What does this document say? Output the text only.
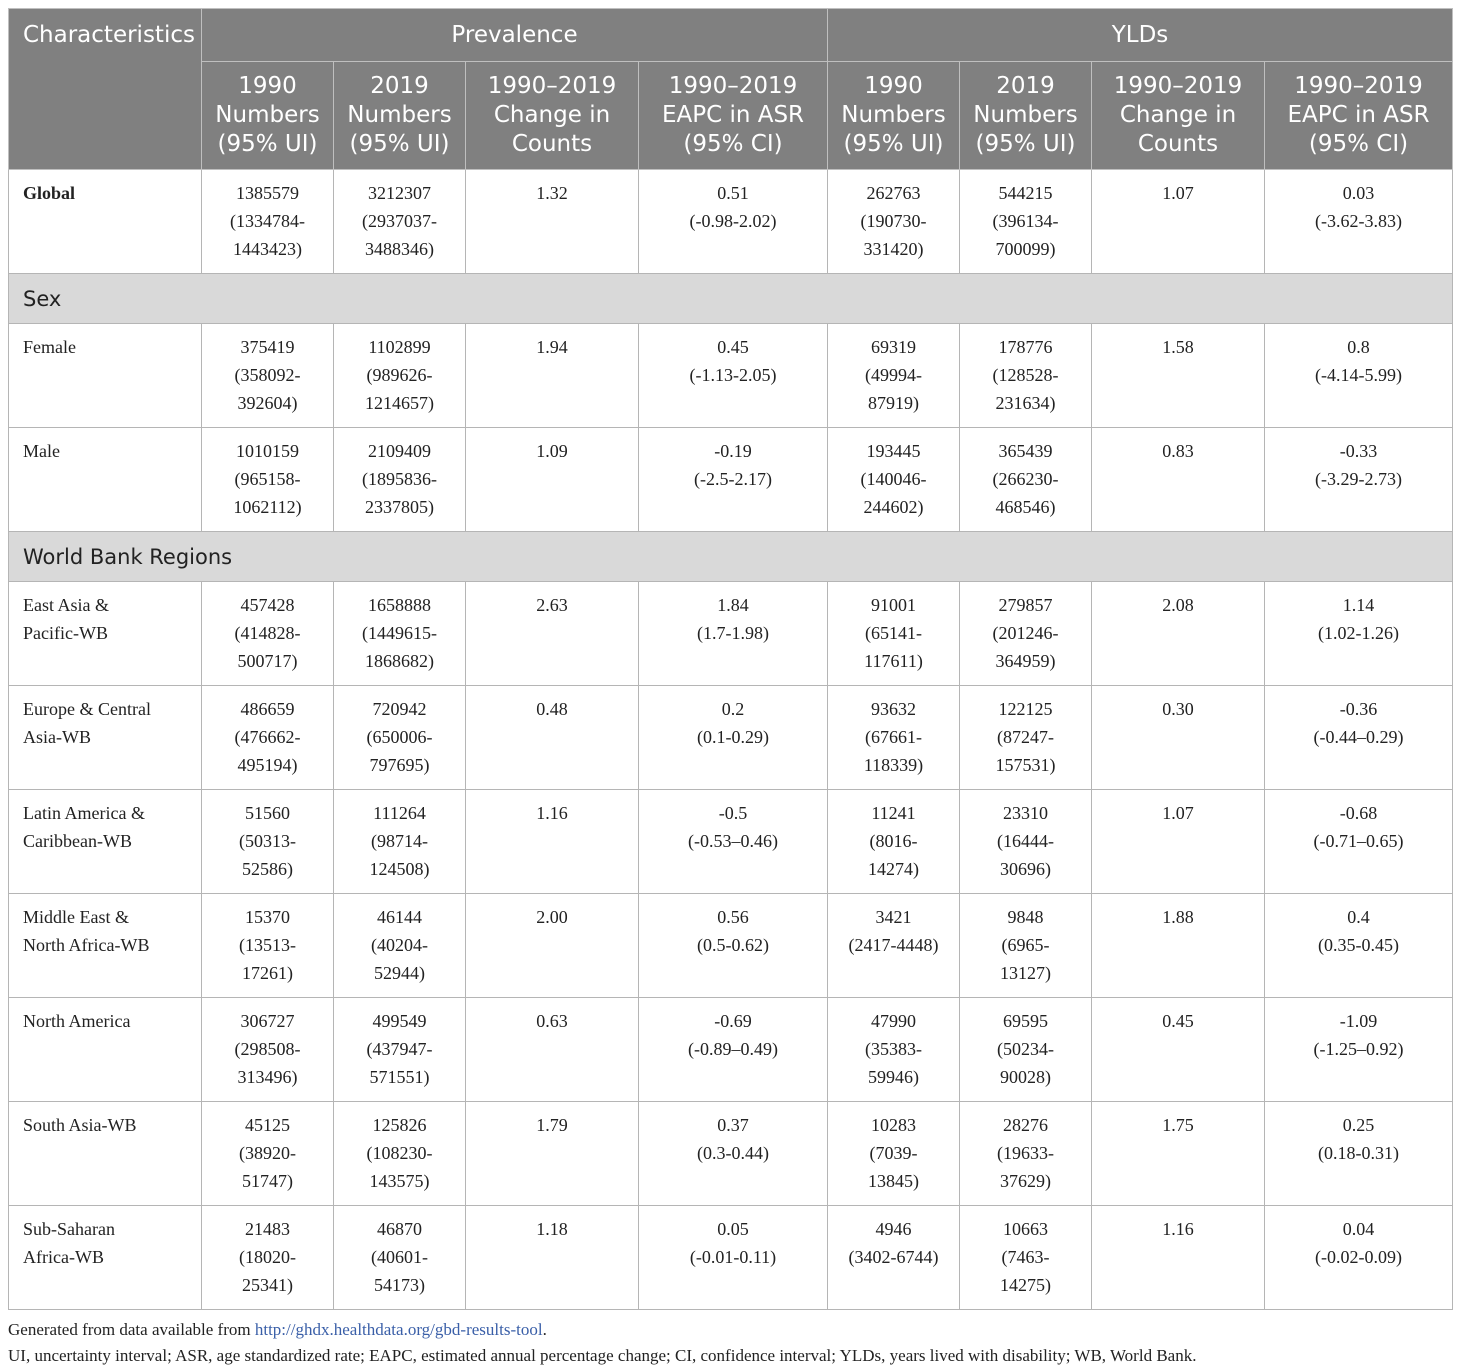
Characteristics	Prevalence				YLDs			
	1990
Numbers
(95% UI)	2019
Numbers
(95% UI)	1990–2019
Change in
Counts	1990–2019
EAPC in ASR
(95% CI)	1990
Numbers
(95% UI)	2019
Numbers
(95% UI)	1990–2019
Change in
Counts	1990–2019
EAPC in ASR
(95% CI)
Global	1385579
(1334784-
1443423)	3212307
(2937037-
3488346)	1.32	0.51
(-0.98-2.02)	262763
(190730-
331420)	544215
(396134-
700099)	1.07	0.03
(-3.62-3.83)
Sex								
Female	375419
(358092-
392604)	1102899
(989626-
1214657)	1.94	0.45
(-1.13-2.05)	69319
(49994-
87919)	178776
(128528-
231634)	1.58	0.8
(-4.14-5.99)
Male	1010159
(965158-
1062112)	2109409
(1895836-
2337805)	1.09	-0.19
(-2.5-2.17)	193445
(140046-
244602)	365439
(266230-
468546)	0.83	-0.33
(-3.29-2.73)
World Bank Regions								
East Asia &
Pacific-WB	457428
(414828-
500717)	1658888
(1449615-
1868682)	2.63	1.84
(1.7-1.98)	91001
(65141-
117611)	279857
(201246-
364959)	2.08	1.14
(1.02-1.26)
Europe & Central
Asia-WB	486659
(476662-
495194)	720942
(650006-
797695)	0.48	0.2
(0.1-0.29)	93632
(67661-
118339)	122125
(87247-
157531)	0.30	-0.36
(-0.44–0.29)
Latin America &
Caribbean-WB	51560
(50313-
52586)	111264
(98714-
124508)	1.16	-0.5
(-0.53–0.46)	11241
(8016-
14274)	23310
(16444-
30696)	1.07	-0.68
(-0.71–0.65)
Middle East &
North Africa-WB	15370
(13513-
17261)	46144
(40204-
52944)	2.00	0.56
(0.5-0.62)	3421
(2417-4448)	9848
(6965-
13127)	1.88	0.4
(0.35-0.45)
North America	306727
(298508-
313496)	499549
(437947-
571551)	0.63	-0.69
(-0.89–0.49)	47990
(35383-
59946)	69595
(50234-
90028)	0.45	-1.09
(-1.25–0.92)
South Asia-WB	45125
(38920-
51747)	125826
(108230-
143575)	1.79	0.37
(0.3-0.44)	10283
(7039-
13845)	28276
(19633-
37629)	1.75	0.25
(0.18-0.31)
Sub-Saharan
Africa-WB	21483
(18020-
25341)	46870
(40601-
54173)	1.18	0.05
(-0.01-0.11)	4946
(3402-6744)	10663
(7463-
14275)	1.16	0.04
(-0.02-0.09)
Generated from data available from http://ghdx.healthdata.org/gbd-results-tool.
UI, uncertainty interval; ASR, age standardized rate; EAPC, estimated annual percentage change; CI, confidence interval; YLDs, years lived with disability; WB, World Bank.
